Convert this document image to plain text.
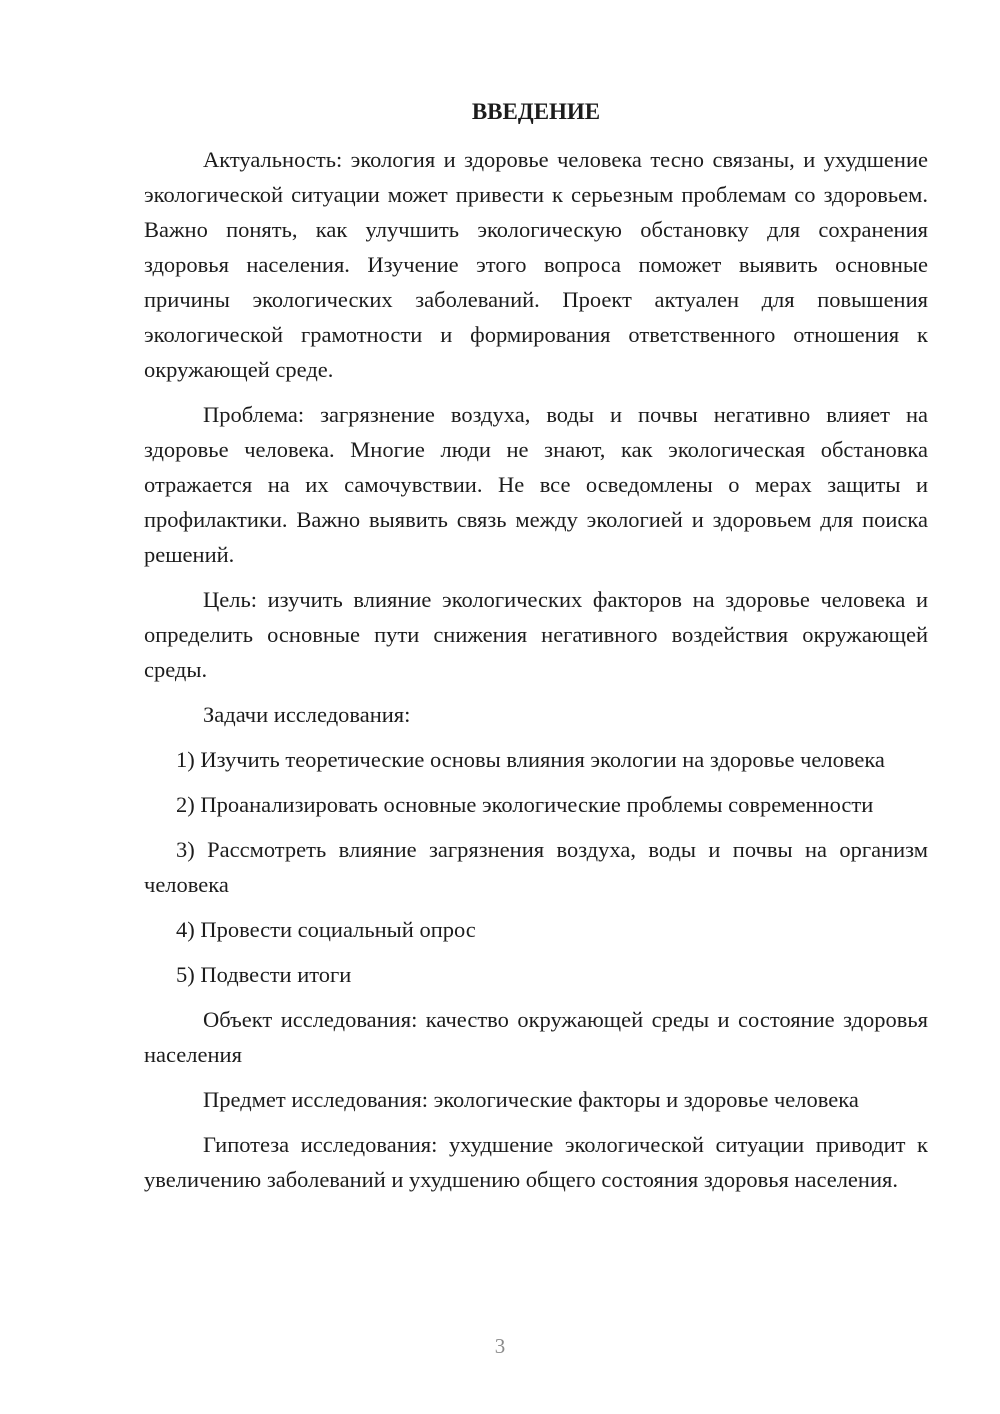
ВВЕДЕНИЕ

Актуальность: экология и здоровье человека тесно связаны, и ухудшение экологической ситуации может привести к серьезным проблемам со здоровьем. Важно понять, как улучшить экологическую обстановку для сохранения здоровья населения. Изучение этого вопроса поможет выявить основные причины экологических заболеваний. Проект актуален для повышения экологической грамотности и формирования ответственного отношения к окружающей среде.

Проблема: загрязнение воздуха, воды и почвы негативно влияет на здоровье человека. Многие люди не знают, как экологическая обстановка отражается на их самочувствии. Не все осведомлены о мерах защиты и профилактики. Важно выявить связь между экологией и здоровьем для поиска решений.

Цель: изучить влияние экологических факторов на здоровье человека и определить основные пути снижения негативного воздействия окружающей среды.

Задачи исследования:

1) Изучить теоретические основы влияния экологии на здоровье человека

2) Проанализировать основные экологические проблемы современности

3) Рассмотреть влияние загрязнения воздуха, воды и почвы на организм человека

4) Провести социальный опрос

5) Подвести итоги

Объект исследования: качество окружающей среды и состояние здоровья населения

Предмет исследования: экологические факторы и здоровье человека

Гипотеза исследования: ухудшение экологической ситуации приводит к увеличению заболеваний и ухудшению общего состояния здоровья населения.

3
